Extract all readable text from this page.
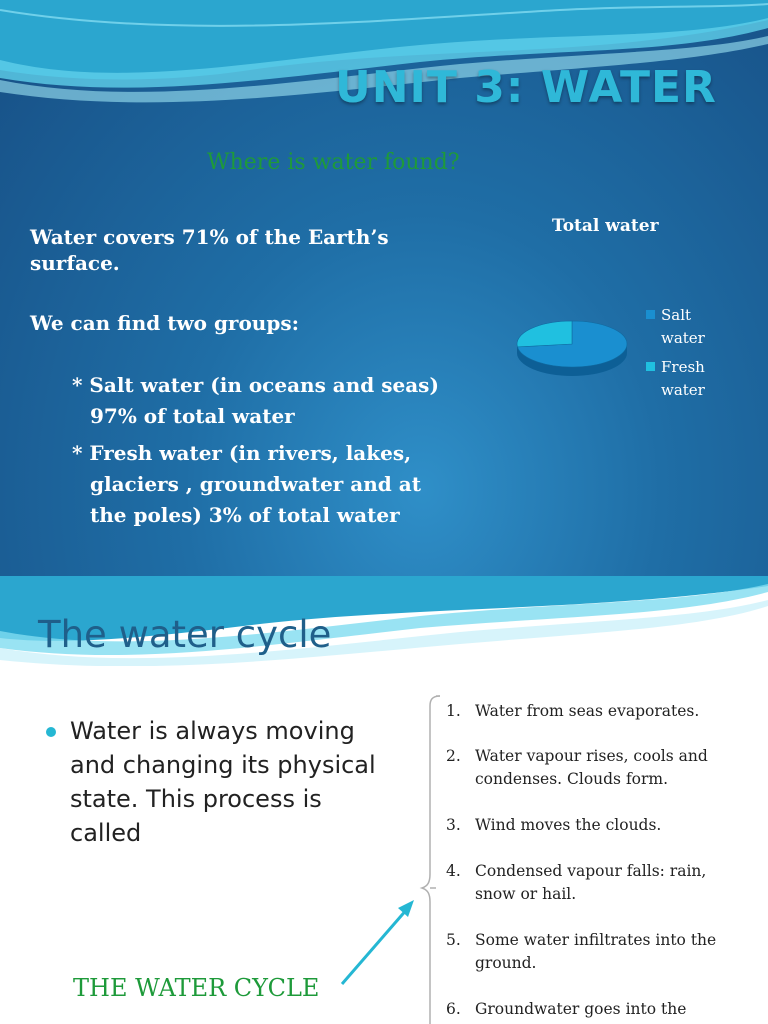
UNIT 3: WATER
Where is water found?
Water covers 71% of the Earth’s surface.
We can find two groups:
* Salt water (in oceans and seas) 97% of total water
* Fresh water (in rivers, lakes, glaciers , groundwater and at the poles) 3% of total water
Total water
Salt water
Fresh water
The water cycle
Water is always moving and changing its physical state. This process is called
THE WATER CYCLE
1. Water from seas evaporates.
2. Water vapour rises, cools and condenses. Clouds form.
3. Wind moves the clouds.
4. Condensed vapour falls: rain, snow or hail.
5. Some water infiltrates into the ground.
6. Groundwater goes into the
